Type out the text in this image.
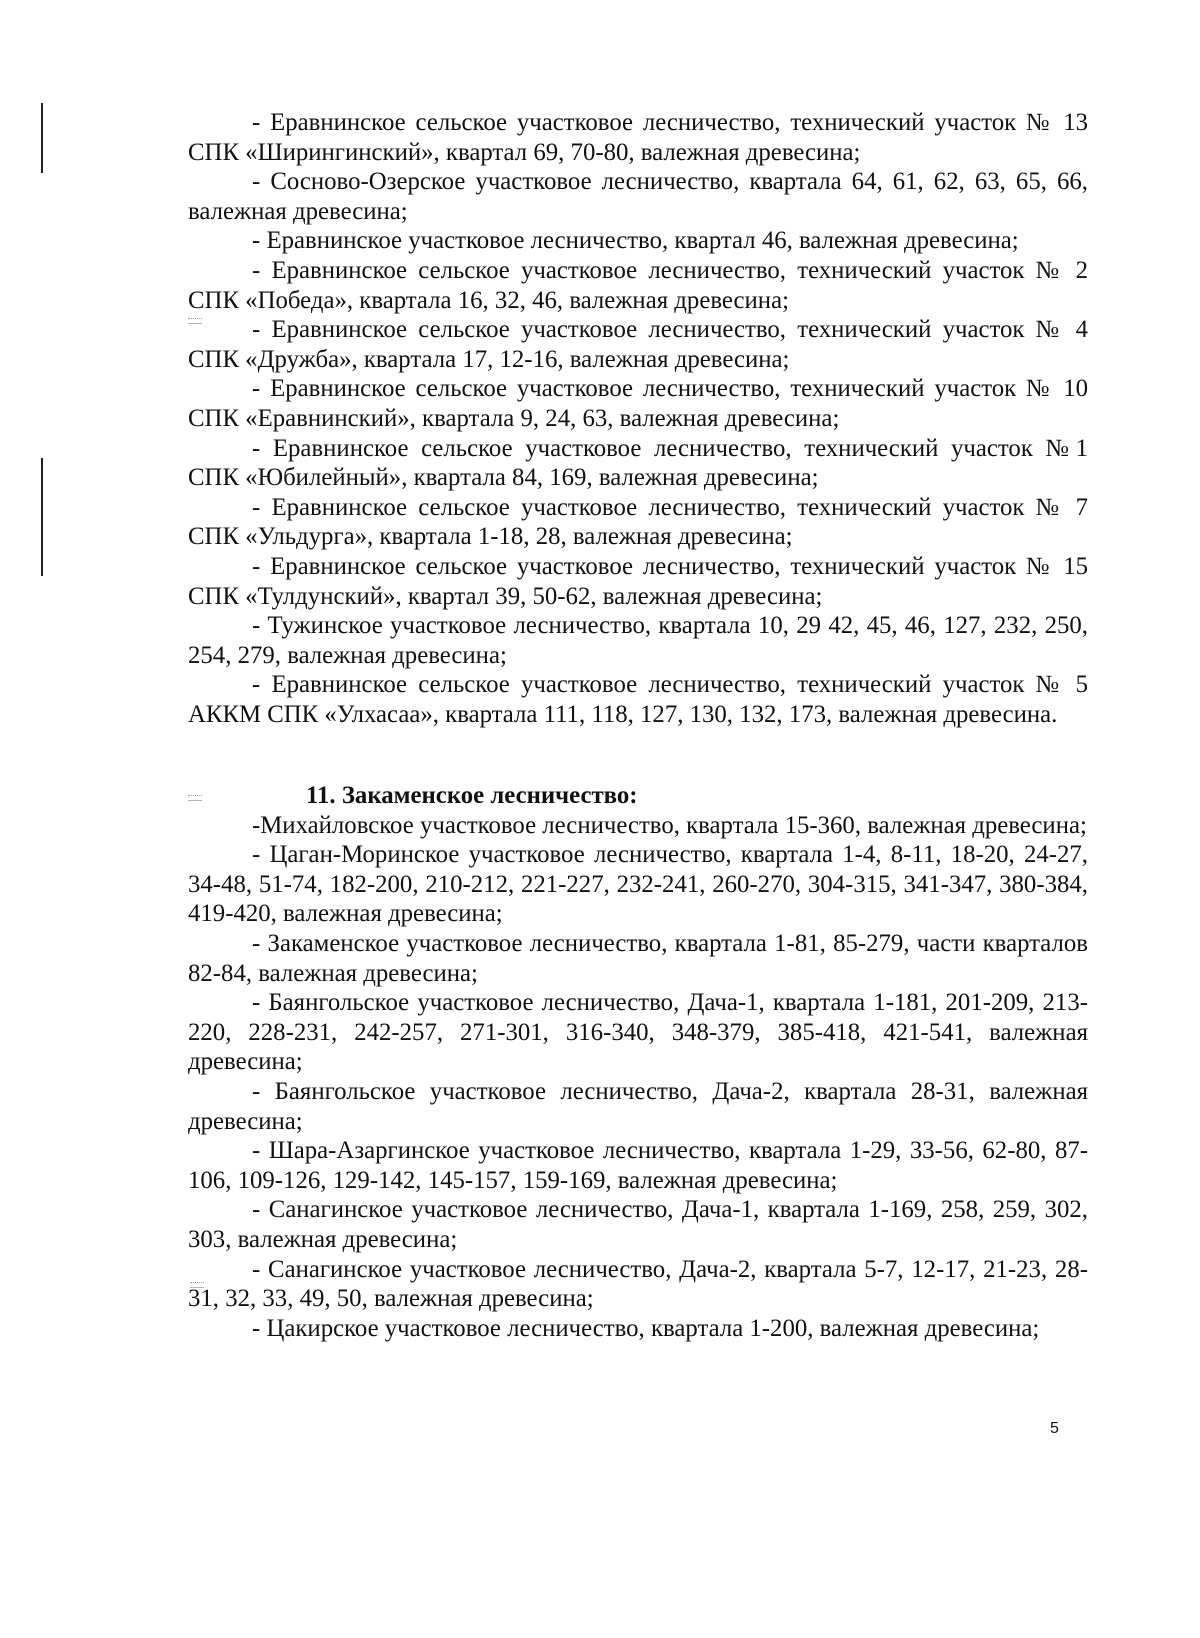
- Еравнинское сельское участковое лесничество, технический участок № 13 СПК «Ширингинский», квартал 69, 70-80, валежная древесина;

- Сосново-Озерское участковое лесничество, квартала 64, 61, 62, 63, 65, 66, валежная древесина;

- Еравнинское участковое лесничество, квартал 46, валежная древесина;

- Еравнинское сельское участковое лесничество, технический участок № 2 СПК «Победа», квартала 16, 32, 46, валежная древесина;

- Еравнинское сельское участковое лесничество, технический участок № 4 СПК «Дружба», квартала 17, 12-16, валежная древесина;

- Еравнинское сельское участковое лесничество, технический участок № 10 СПК «Еравнинский», квартала 9, 24, 63, валежная древесина;

- Еравнинское сельское участковое лесничество, технический участок №1 СПК «Юбилейный», квартала 84, 169, валежная древесина;

- Еравнинское сельское участковое лесничество, технический участок № 7 СПК «Ульдурга», квартала 1-18, 28, валежная древесина;

- Еравнинское сельское участковое лесничество, технический участок № 15 СПК «Тулдунский», квартал 39, 50-62, валежная древесина;

- Тужинское участковое лесничество, квартала 10, 29 42, 45, 46, 127, 232, 250, 254, 279, валежная древесина;

- Еравнинское сельское участковое лесничество, технический участок № 5 АККМ СПК «Улхасаа», квартала 111, 118, 127, 130, 132, 173, валежная древесина.

11. Закаменское лесничество:

-Михайловское участковое лесничество, квартала 15-360, валежная древесина;

- Цаган-Моринское участковое лесничество, квартала 1-4, 8-11, 18-20, 24-27, 34-48, 51-74, 182-200, 210-212, 221-227, 232-241, 260-270, 304-315, 341-347, 380-384, 419-420, валежная древесина;

- Закаменское участковое лесничество, квартала 1-81, 85-279, части кварталов 82-84, валежная древесина;

- Баянгольское участковое лесничество, Дача-1, квартала 1-181, 201-209, 213-220, 228-231, 242-257, 271-301, 316-340, 348-379, 385-418, 421-541, валежная древесина;

- Баянгольское участковое лесничество, Дача-2, квартала 28-31, валежная древесина;

- Шара-Азаргинское участковое лесничество, квартала 1-29, 33-56, 62-80, 87-106, 109-126, 129-142, 145-157, 159-169, валежная древесина;

- Санагинское участковое лесничество, Дача-1, квартала 1-169, 258, 259, 302, 303, валежная древесина;

- Санагинское участковое лесничество, Дача-2, квартала 5-7, 12-17, 21-23, 28-31, 32, 33, 49, 50, валежная древесина;

- Цакирское участковое лесничество, квартала 1-200, валежная древесина;

5
